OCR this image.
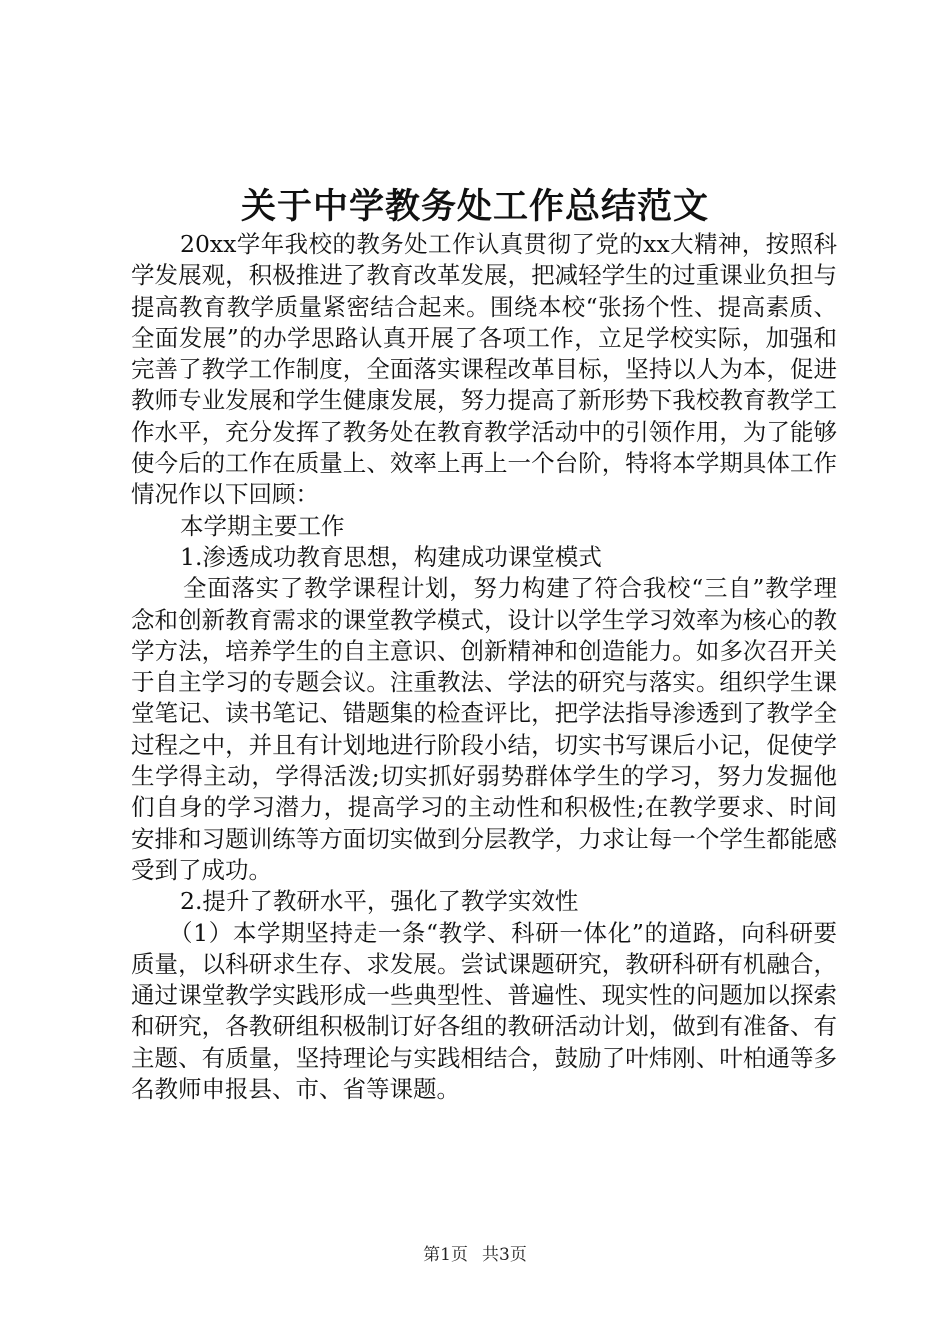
关于中学教务处工作总结范文

20xx学年我校的教务处工作认真贯彻了党的xx大精神，按照科学发展观，积极推进了教育改革发展，把减轻学生的过重课业负担与提高教育教学质量紧密结合起来。围绕本校“张扬个性、提高素质、全面发展”的办学思路认真开展了各项工作，立足学校实际，加强和完善了教学工作制度，全面落实课程改革目标，坚持以人为本，促进教师专业发展和学生健康发展，努力提高了新形势下我校教育教学工作水平，充分发挥了教务处在教育教学活动中的引领作用，为了能够使今后的工作在质量上、效率上再上一个台阶，特将本学期具体工作情况作以下回顾：

本学期主要工作

1.渗透成功教育思想，构建成功课堂模式

全面落实了教学课程计划，努力构建了符合我校“三自”教学理念和创新教育需求的课堂教学模式，设计以学生学习效率为核心的教学方法，培养学生的自主意识、创新精神和创造能力。如多次召开关于自主学习的专题会议。注重教法、学法的研究与落实。组织学生课堂笔记、读书笔记、错题集的检查评比，把学法指导渗透到了教学全过程之中，并且有计划地进行阶段小结，切实书写课后小记，促使学生学得主动，学得活泼;切实抓好弱势群体学生的学习，努力发掘他们自身的学习潜力，提高学习的主动性和积极性;在教学要求、时间安排和习题训练等方面切实做到分层教学，力求让每一个学生都能感受到了成功。

2.提升了教研水平，强化了教学实效性

（1）本学期坚持走一条“教学、科研一体化”的道路，向科研要质量，以科研求生存、求发展。尝试课题研究，教研科研有机融合，通过课堂教学实践形成一些典型性、普遍性、现实性的问题加以探索和研究，各教研组积极制订好各组的教研活动计划，做到有准备、有主题、有质量，坚持理论与实践相结合，鼓励了叶炜刚、叶柏通等多名教师申报县、市、省等课题。

第1页 共3页
